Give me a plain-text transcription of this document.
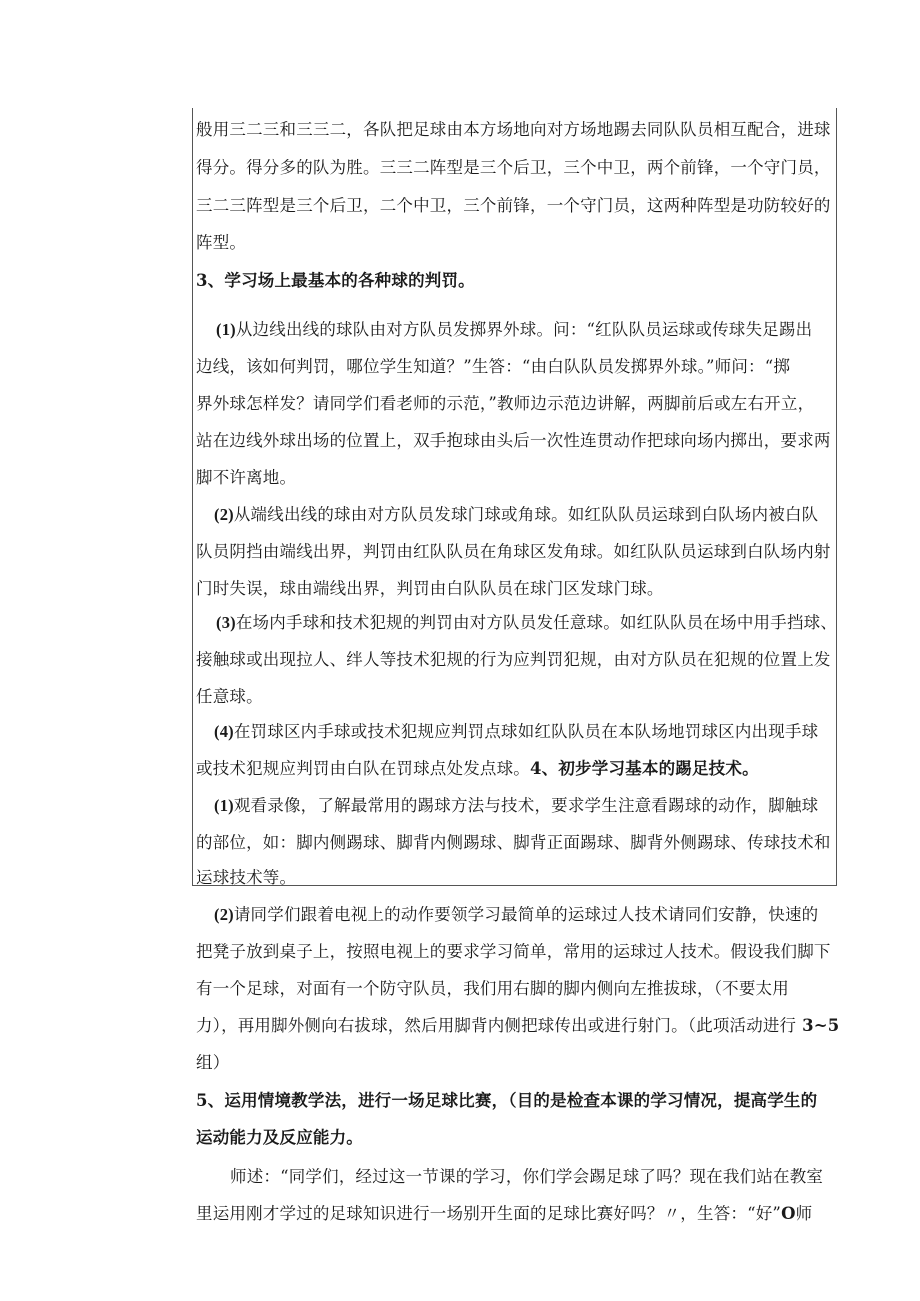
般用三二三和三三二，各队把足球由本方场地向对方场地踢去同队队员相互配合，进球
得分。得分多的队为胜。三三二阵型是三个后卫，三个中卫，两个前锋，一个守门员，
三二三阵型是三个后卫，二个中卫，三个前锋，一个守门员，这两种阵型是功防较好的
阵型。
3、学习场上最基本的各种球的判罚。
(1)从边线出线的球队由对方队员发掷界外球。问：“红队队员运球或传球失足踢出
边线，该如何判罚，哪位学生知道？”生答：“由白队队员发掷界外球。”师问：“掷
界外球怎样发？请同学们看老师的示范，”教师边示范边讲解，两脚前后或左右开立，
站在边线外球出场的位置上，双手抱球由头后一次性连贯动作把球向场内掷出，要求两
脚不许离地。
(2)从端线出线的球由对方队员发球门球或角球。如红队队员运球到白队场内被白队
队员阴挡由端线出界，判罚由红队队员在角球区发角球。如红队队员运球到白队场内射
门时失误，球由端线出界，判罚由白队队员在球门区发球门球。
(3)在场内手球和技术犯规的判罚由对方队员发任意球。如红队队员在场中用手挡球、
接触球或出现拉人、绊人等技术犯规的行为应判罚犯规，由对方队员在犯规的位置上发
任意球。
(4)在罚球区内手球或技术犯规应判罚点球如红队队员在本队场地罚球区内出现手球
或技术犯规应判罚由白队在罚球点处发点球。4、初步学习基本的踢足技术。
(1)观看录像，了解最常用的踢球方法与技术，要求学生注意看踢球的动作，脚触球
的部位，如：脚内侧踢球、脚背内侧踢球、脚背正面踢球、脚背外侧踢球、传球技术和
运球技术等。
(2)请同学们跟着电视上的动作要领学习最简单的运球过人技术请同们安静，快速的
把凳子放到桌子上，按照电视上的要求学习简单，常用的运球过人技术。假设我们脚下
有一个足球，对面有一个防守队员，我们用右脚的脚内侧向左推拔球，（不要太用
力），再用脚外侧向右拔球，然后用脚背内侧把球传出或进行射门。（此项活动进行 3~5
组）
5、运用情境教学法，进行一场足球比赛，（目的是检查本课的学习情况，提高学生的
运动能力及反应能力。
师述：“同学们，经过这一节课的学习，你们学会踢足球了吗？现在我们站在教室
里运用刚才学过的足球知识进行一场别开生面的足球比赛好吗？〃，生答：“好”O师
